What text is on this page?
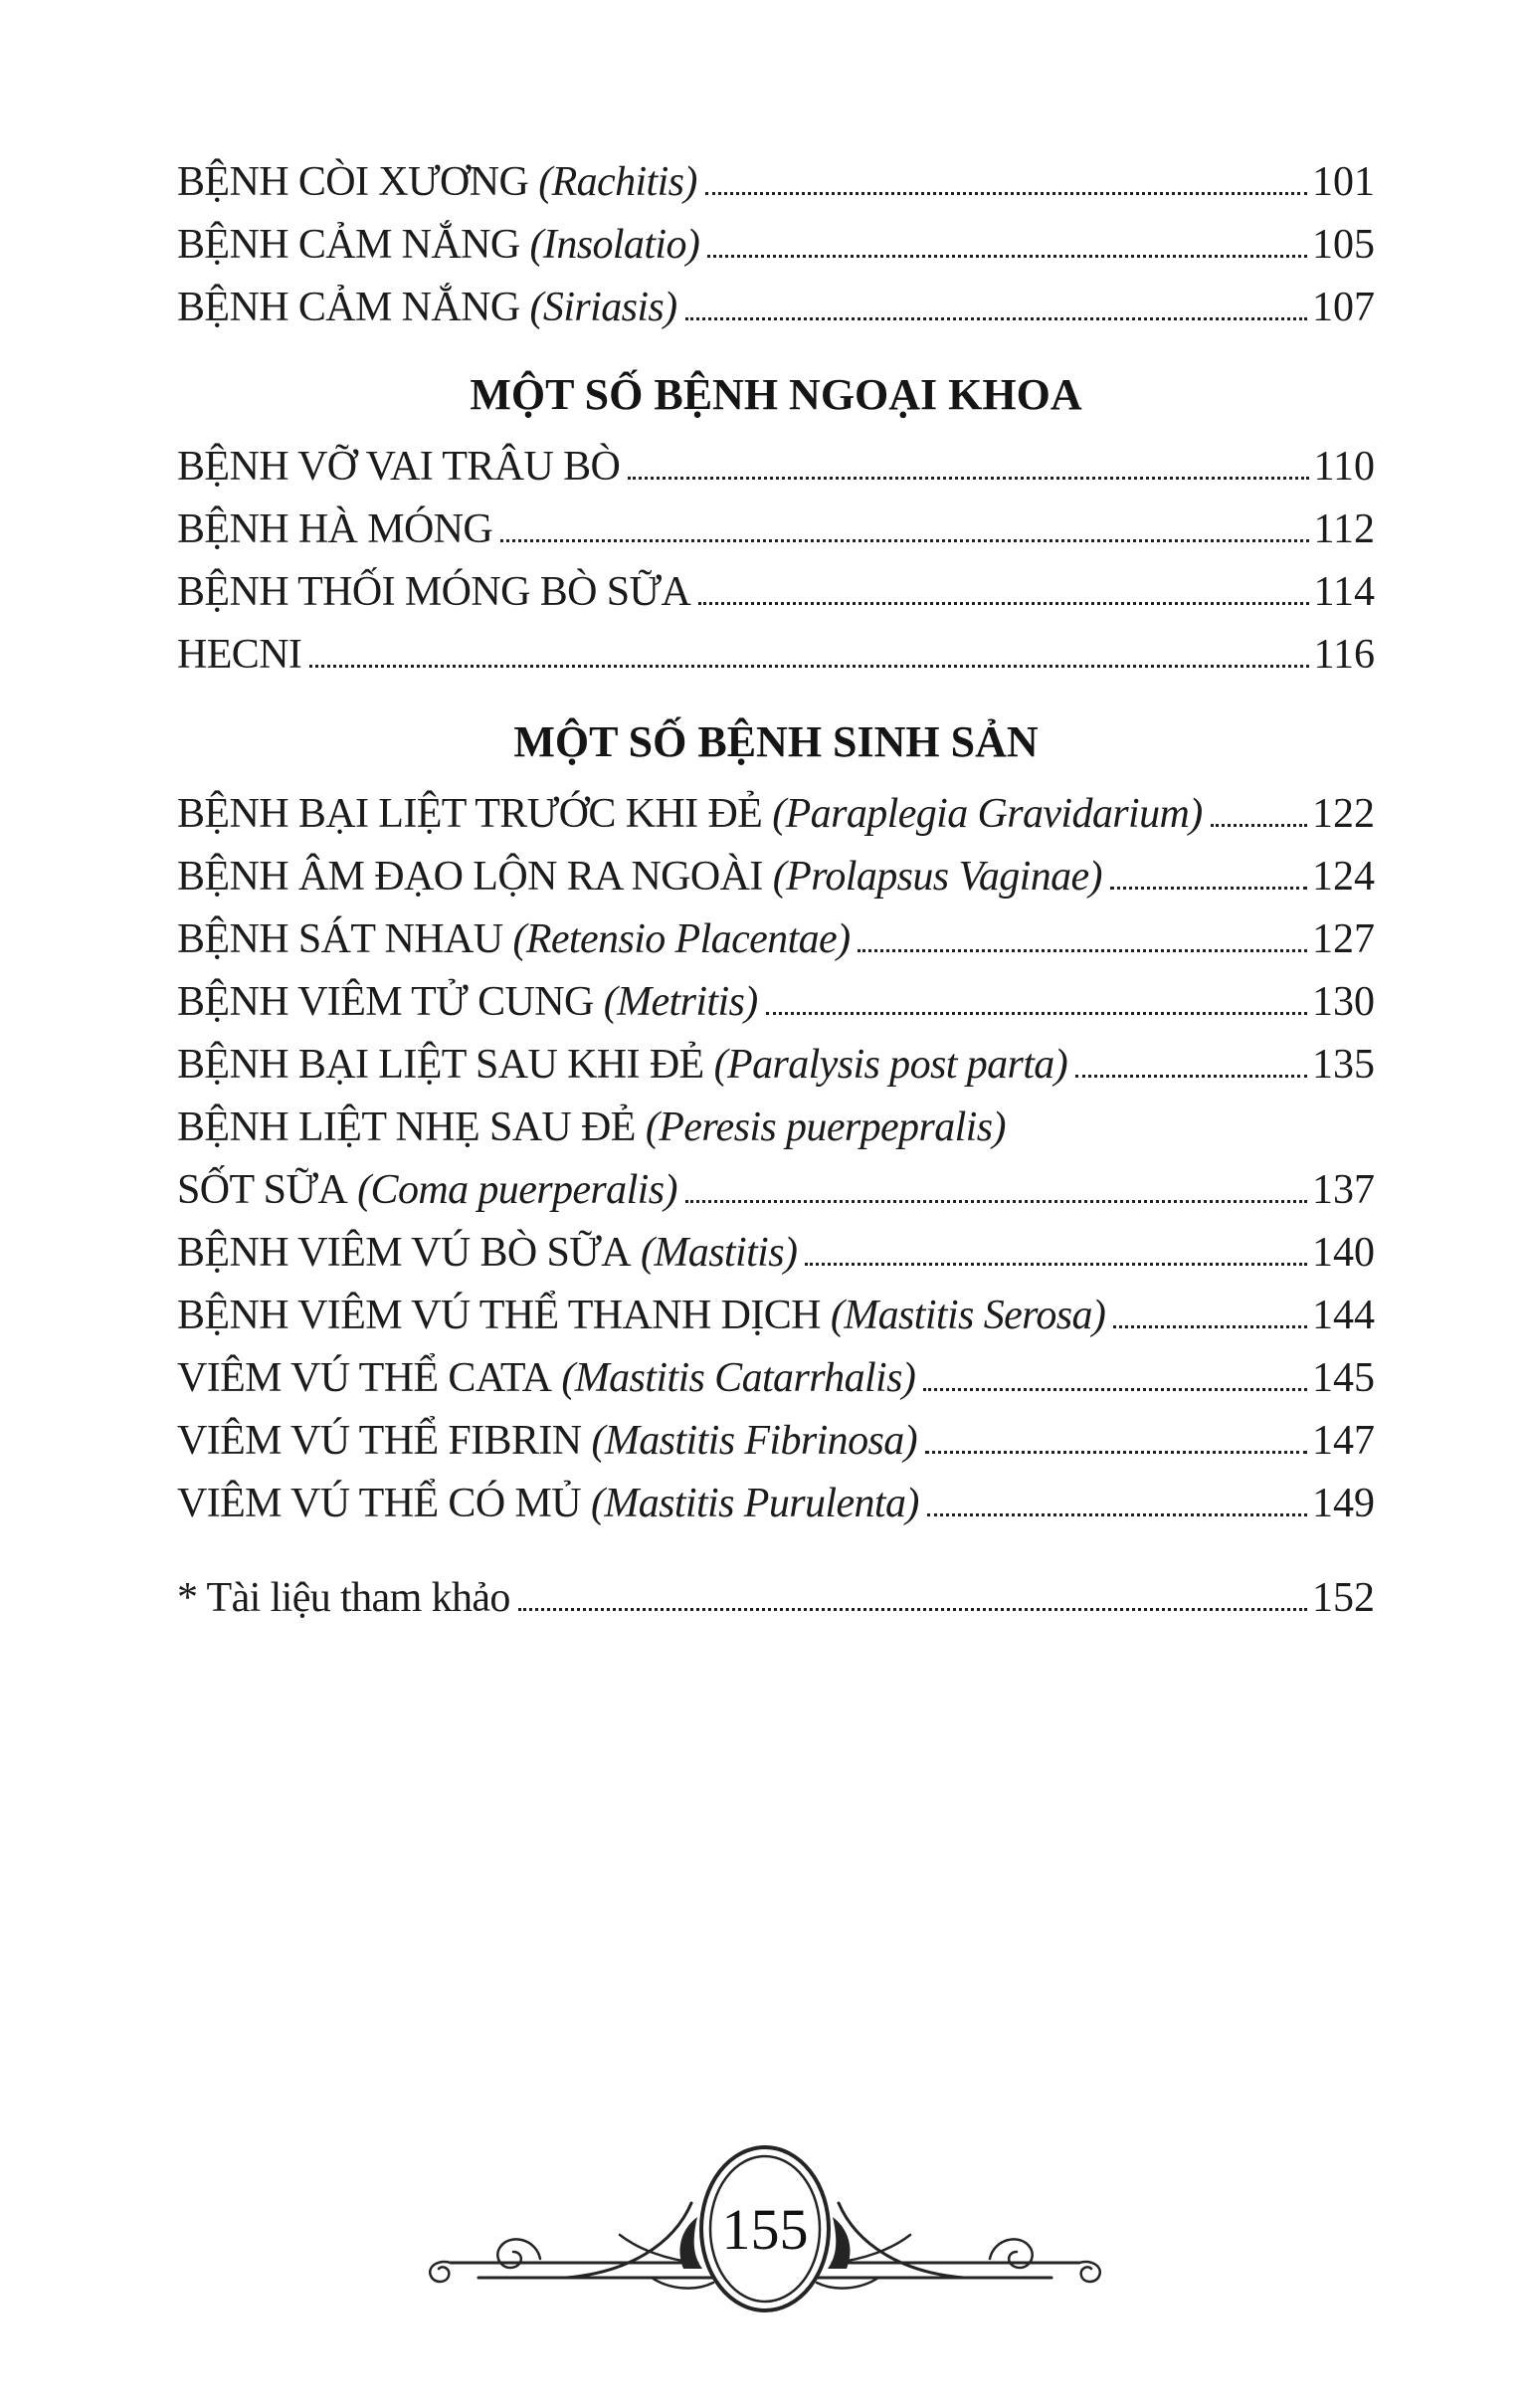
BỆNH CÒI XƯƠNG (Rachitis)	101
BỆNH CẢM NẮNG (Insolatio)	105
BỆNH CẢM NẮNG (Siriasis)	107
MỘT SỐ BỆNH NGOẠI KHOA
BỆNH VỠ VAI TRÂU BÒ	110
BỆNH HÀ MÓNG	112
BỆNH THỐI MÓNG BÒ SỮA	114
HECNI	116
MỘT SỐ BỆNH SINH SẢN
BỆNH BẠI LIỆT TRƯỚC KHI ĐẺ (Paraplegia Gravidarium)	122
BỆNH ÂM ĐẠO LỘN RA NGOÀI (Prolapsus Vaginae)	124
BỆNH SÁT NHAU (Retensio Placentae)	127
BỆNH VIÊM TỬ CUNG (Metritis)	130
BỆNH BẠI LIỆT SAU KHI ĐẺ (Paralysis post parta)	135
BỆNH LIỆT NHẸ SAU ĐẺ (Peresis puerpepralis)
SỐT SỮA (Coma puerperalis)	137
BỆNH VIÊM VÚ BÒ SỮA (Mastitis)	140
BỆNH VIÊM VÚ THỂ THANH DỊCH (Mastitis Serosa)	144
VIÊM VÚ THỂ CATA (Mastitis Catarrhalis)	145
VIÊM VÚ THỂ FIBRIN (Mastitis Fibrinosa)	147
VIÊM VÚ THỂ CÓ MỦ (Mastitis Purulenta)	149
* Tài liệu tham khảo	152
155
